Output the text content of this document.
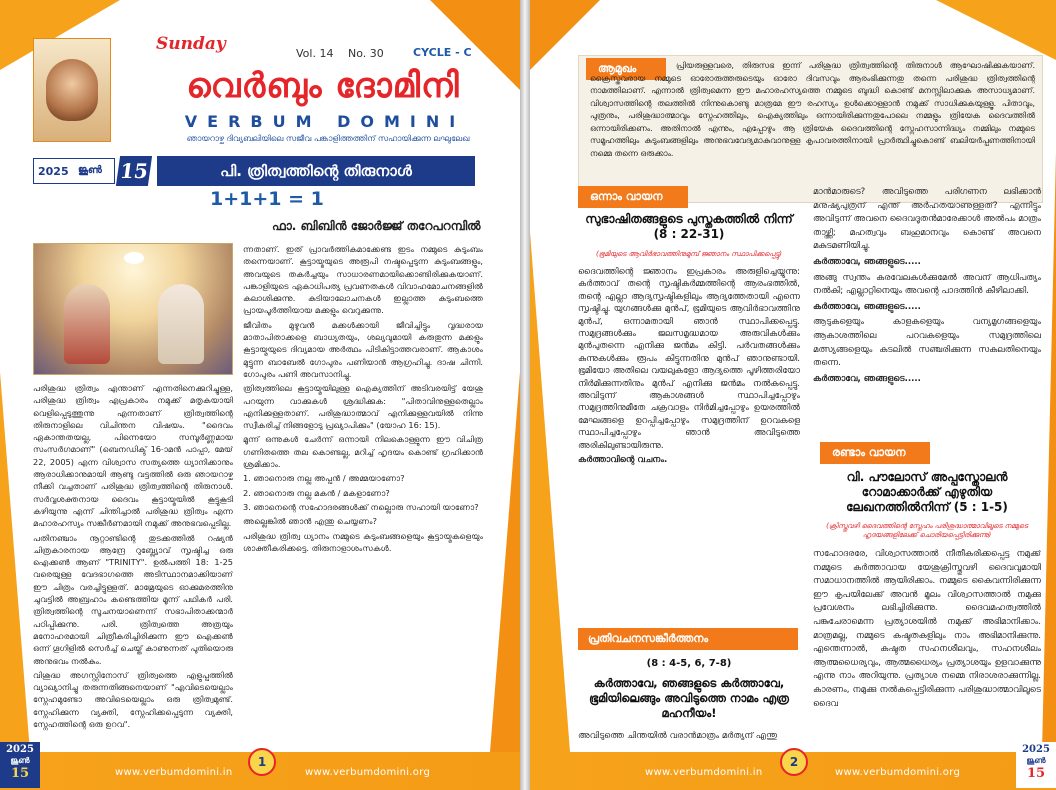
Sunday	Vol. 14 No. 30	CYCLE - C
വെർബും ദോമിനി
VERBUM DOMINI
ഞായറാഴ്ച ദിവ്യബലിയിലെ സജീവ പങ്കാളിത്തത്തിന് സഹായിക്കുന്ന ലഘുലേഖ
2025 ജൂൺ 15	പി. ത്രിത്വത്തിന്റെ തിരുനാൾ
1+1+1 = 1
ഫാ. ബിബിൻ ജോർജ്ജ് തറേപറമ്പിൽ

പരിശുദ്ധ ത്രിത്വം എന്താണ് എന്നതിനെക്കുറിച്ചുള്ള, പരിശുദ്ധ ത്രിത്വം എപ്രകാരം നമുക്ക് മതൃകയായി വെളിപ്പെടുത്തുന്നു എന്നതാണ് ത്രിത്വത്തിന്റെ തിരുനാളിലെ വിചിന്തന വിഷയം. "ദൈവം ഏകാന്തതയല്ല, പിന്നെയോ സമ്പൂർണ്ണമായ സംസർഗമാണ്" (ബെനഡിക്ട് 16-ാമൻ പാപ്പാ, മേയ് 22, 2005) എന്ന വിശ്വാസ സത്യത്തെ ധ്യാനിക്കാനും ആരാധിക്കാനുമായി ആണ്ടു വട്ടത്തിൽ ഒരു ഞായറാഴ്ച നീക്കി വച്ചതാണ് പരിശുദ്ധ ത്രിത്വത്തിന്റെ തിരുനാൾ. സർവ്വശക്തനായ ദൈവം കൂട്ടായ്മയിൽ കൂട്ടുകൂടി കഴിയുന്നു എന്ന് ചിന്തിച്ചാൽ പരിശുദ്ധ ത്രിത്വം എന്ന മഹാരഹസ്യം സങ്കീർണമായി നമുക്ക് അനുഭവപ്പെടില്ല.

പതിനഞ്ചാം നൂറ്റാണ്ടിന്റെ തുടക്കത്തിൽ റഷ്യൻ ചിത്രകാരനായ ആന്ദ്രേ റുബ്ല്യോവ് സൃഷ്ടിച്ച ഒരു ഐക്കൺ ആണ് "TRINITY". ഉൽപത്തി 18: 1-25 വരെയുള്ള വേദഭാഗത്തെ അടിസ്ഥാനമാക്കിയാണ് ഈ ചിത്രം വരച്ചിട്ടുള്ളത്. മാമ്രേയുടെ ഓക്കുമരത്തിനു ചുവട്ടിൽ അബ്രഹാം കണ്ടെത്തിയ മൂന്ന് പഥികർ പരി. ത്രിത്വത്തിന്റെ സൂചനയാണെന്ന് സഭാപിതാക്കന്മാർ പഠിപ്പിക്കുന്നു. പരി. ത്രിത്വത്തെ അത്രയും മനോഹരമായി ചിത്രീകരിച്ചിരിക്കുന്ന ഈ ഐക്കൺ ഒന്ന് ഗൂഗിളിൽ സെർച്ച് ചെയ്ത് കാണുന്നത് പുതിയൊരു അനുഭവം നൽകും.

വിശുദ്ധ അഗസ്റ്റിനോസ് ത്രിത്വത്തെ എളുപ്പത്തിൽ വ്യാഖ്യാനിച്ചു തരുന്നതിങ്ങനെയാണ് "എവിടെയെല്ലാം സ്നേഹമുണ്ടോ അവിടെയെല്ലാം ഒരു ത്രിത്വമുണ്ട്. സ്നേഹിക്കുന്ന വ്യക്തി, സ്നേഹിക്കപ്പെടുന്ന വ്യക്തി, സ്നേഹത്തിന്റെ ഒരു ഉറവ".

ന്നതാണ്. ഇത് പ്രാവർത്തികമാക്കേണ്ട ഇടം നമ്മുടെ കുടുംബം തന്നെയാണ്. കൂട്ടായ്മയുടെ അരൂപി നഷ്ടപ്പെടുന്ന കുടുംബങ്ങളും, അവയുടെ തകർച്ചയും സാധാരണമായിക്കൊണ്ടിരിക്കുകയാണ്. പങ്കാളിയുടെ ഏകാധിപത്യ പ്രവണതകൾ വിവാഹമോചനങ്ങളിൽ കലാശിക്കുന്നു. കുടിയാലോചനകൾ ഇല്ലാത്ത കുടുംബത്തെ പ്രായപൂർത്തിയായ മക്കളും വെറുക്കുന്നു.

ജീവിതം മുഴുവൻ മക്കൾക്കായി ജീവിച്ചിട്ടും വൃദ്ധരായ മാതാപിതാക്കളെ ബാധ്യതയും, ശല്യവുമായി കരുതുന്ന മക്കളും കൂട്ടായ്മയുടെ ദിവ്യമായ അർത്ഥം പിടികിട്ടാത്തവരാണ്. ആകാശം മുട്ടുന്ന ബാബേൽ ഗോപുരം പണിയാൻ ആഗ്രഹിച്ചു. ദാഷ ചിന്നി. ഗോപുരം പണി അവസാനിച്ചു.

ത്രിത്വത്തിലെ കൂട്ടായ്മയിലുള്ള ഐക്യത്തിന് അടിവരയിട്ട് യേശു പറയുന്ന വാക്കുകൾ ശ്രദ്ധിക്കുക: "പിതാവിനുള്ളതെല്ലാം എനിക്കുള്ളതാണ്. പരിശുദ്ധാത്മാവ് എനിക്കുള്ളവയിൽ നിന്നു സ്വീകരിച്ച് നിങ്ങളോടു പ്രഖ്യാപിക്കും" (യോഹ 16: 15).

മൂന്ന് ഒന്നുകൾ ചേർന്ന് ഒന്നായി നിലകൊള്ളുന്ന ഈ വിചിത്ര ഗണിതത്തെ തല കൊണ്ടല്ല, മറിച്ച് ഹൃദയം കൊണ്ട് ഗ്രഹിക്കാൻ ശ്രമിക്കാം.

1. ഞാനൊരു നല്ല അപ്പൻ / അമ്മയാണോ?

2. ഞാനൊരു നല്ല മകൻ / മകളാണോ?

3. ഞാനെന്റെ സഹോദരങ്ങൾക്ക് നല്ലൊരു സഹായി യാണോ?

അല്ലെങ്കിൽ ഞാൻ എന്തു ചെയ്യണം?

പരിശുദ്ധ ത്രിത്വ ധ്യാനം നമ്മുടെ കുടുംബങ്ങളെയും കൂട്ടായ്മകളെയും ശാക്തീകരിക്കട്ടെ. തിരുനാളാശംസകൾ.

2025
ജൂൺ
15	www.verbumdomini.in
1
www.verbumdomini.org
ആമുഖം	പ്രിയരുള്ളവരെ, തിരുസഭ ഇന്ന് പരിശുദ്ധ ത്രിത്വത്തിന്റെ തിരുനാൾ ആഘോഷിക്കുകയാണ്. ക്രൈസ്തവരായ നമ്മുടെ ഓരോരുത്തരുടെയും ഓരോ ദിവസവും ആരംഭിക്കുന്നതു തന്നെ പരിശുദ്ധ ത്രിത്വത്തിന്റെ നാമത്തിലാണ്. എന്നാൽ ത്രിത്വമെന്ന ഈ മഹാരഹസ്യത്തെ നമ്മുടെ ബുദ്ധി കൊണ്ട് മനസ്സിലാക്കുക അസാധ്യമാണ്. വിശ്വാസത്തിന്റെ തലത്തിൽ നിന്നുകൊണ്ടു മാത്രമേ ഈ രഹസ്യം ഉൾക്കൊള്ളാൻ നമുക്ക് സാധിക്കുകയുള്ളൂ. പിതാവും, പുത്രനും, പരിശുദ്ധാത്മാവും സ്നേഹത്തിലും, ഐക്യത്തിലും ഒന്നായിരിക്കുന്നതുപോലെ നമ്മളും ത്രിയേക ദൈവത്തിൽ ഒന്നായിരിക്കണം. അതിനാൽ എന്നും, എപ്പോഴും ആ ത്രിയേക ദൈവത്തിന്റെ സ്നേഹസാന്നിദ്ധ്യം നമ്മിലും നമ്മുടെ സമൂഹത്തിലും കുടുംബങ്ങളിലും അനുഭവവേദ്യമാകുവാനുള്ള കൃപാവരത്തിനായി പ്രാർത്ഥിച്ചുകൊണ്ട് ബലിയർപ്പണത്തിനായി നമ്മെ തന്നെ ഒരുക്കാം.
ഒന്നാം വായന
സുഭാഷിതങ്ങളുടെ പുസ്തകത്തിൽ നിന്ന് (8 : 22-31)
(ഭൂമിയുടെ ആവിർഭാവത്തിനുമുമ്പ് ജ്ഞാനം സ്ഥാപിക്കപ്പെട്ടു)

ദൈവത്തിന്റെ ജ്ഞാനം ഇപ്രകാരം അരുളിച്ചെയ്യുന്നു: കർത്താവ് തന്റെ സൃഷ്ടികർമ്മത്തിന്റെ ആരംഭത്തിൽ, തന്റെ എല്ലാ ആദ്യസൃഷ്ടികളിലും ആദ്യത്തേതായി എന്നെ സൃഷ്ടിച്ചു. യുഗങ്ങൾക്കു മുൻപ്, ഭൂമിയുടെ ആവിർഭാവത്തിനു മുൻപ്, ഒന്നാമതായി ഞാൻ സ്ഥാപിക്കപ്പെട്ടു. സമുദ്രങ്ങൾക്കും ജലസമൃദ്ധമായ അരുവികൾക്കും മുൻപുതന്നെ എനിക്കു ജൻമം കിട്ടി. പർവതങ്ങൾക്കും കുന്നുകൾക്കും രൂപം കിട്ടുന്നതിനു മുൻപ് ഞാനുണ്ടായി. ഭൂമിയോ അതിലെ വയലുകളോ ആദ്യത്തെ പൂഴിത്തരിയോ നിർമിക്കുന്നതിനും മുൻപ് എനിക്കു ജൻമം നൽകപ്പെട്ടു. അവിടുന്ന് ആകാശങ്ങൾ സ്ഥാപിച്ചപ്പോഴും സമുദ്രത്തിനുമീതേ ചക്രവാളം നിർമിച്ചപ്പോഴും ഉയരത്തിൽ മേഘങ്ങളെ ഉറപ്പിച്ചപ്പോഴും സമുദ്രത്തിന് ഉറവകളെ സ്ഥാപിച്ചപ്പോഴും ഞാൻ അവിടുത്തെ അരികിലുണ്ടായിരുന്നു.

കർത്താവിന്റെ വചനം.

പ്രതിവചനസങ്കീർത്തനം
(8 : 4-5, 6, 7-8)
കർത്താവേ, ഞങ്ങളുടെ കർത്താവേ, ഭൂമിയിലെങ്ങും അവിടുത്തെ നാമം എത്ര മഹനീയം!
അവിടുത്തെ ചിന്തയിൽ വരാൻമാത്രം മർത്യന് എന്തു

മാൻമാരുടെ? അവിടുത്തെ പരിഗണന ലഭിക്കാൻ മനുഷ്യപുത്രന് എന്ത് അർഹതയാണുള്ളത്? എന്നിട്ടും അവിടുന്ന് അവനെ ദൈവദൂതൻമാരേക്കാൾ അൽപം മാത്രം താഴ്ത്തി; മഹത്വവും ബഹുമാനവും കൊണ്ട് അവനെ മകുടമണിയിച്ചു.

കർത്താവേ, ഞങ്ങളുടെ.....

അങ്ങു സ്വന്തം കരവേലകൾക്കുമേൽ അവന് ആധിപത്യം നൽകി; എല്ലാറ്റിനെയും അവന്റെ പാദത്തിൻ കീഴിലാക്കി.

കർത്താവേ, ഞങ്ങളുടെ.....

ആടുകളെയും കാളകളെയും വന്യമൃഗങ്ങളെയും ആകാശത്തിലെ പറവകളെയും സമുദ്രത്തിലെ മത്സ്യങ്ങളെയും കടലിൽ സഞ്ചരിക്കുന്ന സകലതിനെയും തന്നെ.

കർത്താവേ, ഞങ്ങളുടെ.....

രണ്ടാം വായന
വി. പൗലോസ് അപ്പസ്തോലൻ റോമാക്കാർക്ക് എഴുതിയ ലേഖനത്തിൽനിന്ന് (5 : 1-5)
(ക്രിസ്തുവഴി ദൈവത്തിന്റെ സ്നേഹം പരിശുദ്ധാത്മാവിലൂടെ നമ്മുടെ ഹൃദയങ്ങളിലേക്ക് ചൊരിയപ്പെട്ടിരിക്കുന്നു)
സഹോദരരേ, വിശ്വാസത്താൽ നീതീകരിക്കപ്പെട്ട നമുക്ക് നമ്മുടെ കർത്താവായ യേശുക്രിസ്തുവഴി ദൈവവുമായി സമാധാനത്തിൽ ആയിരിക്കാം. നമ്മുടെ കൈവന്നിരിക്കുന്ന ഈ കൃപയിലേക്ക് അവൻ മൂലം വിശ്വാസത്താൽ നമുക്കു പ്രവേശനം ലഭിച്ചിരിക്കുന്നു. ദൈവമഹത്വത്തിൽ പങ്കുചേരാമെന്ന പ്രത്യാശയിൽ നമുക്ക് അഭിമാനിക്കാം. മാത്രമല്ല, നമ്മുടെ കഷ്ടതകളിലും നാം അഭിമാനിക്കുന്നു. എന്തെന്നാൽ, കഷ്ടത സഹനശീലവും, സഹനശീലം ആത്മധൈര്യവും, ആത്മധൈര്യം പ്രത്യാശയും ഉളവാക്കുന്നു എന്നു നാം അറിയുന്നു. പ്രത്യാശ നമ്മെ നിരാശരാക്കുന്നില്ല. കാരണം, നമുക്കു നൽകപ്പെട്ടിരിക്കുന്ന പരിശുദ്ധാത്മാവിലൂടെ ദൈവ
www.verbumdomini.in
2
www.verbumdomini.org
2025
ജൂൺ
15
